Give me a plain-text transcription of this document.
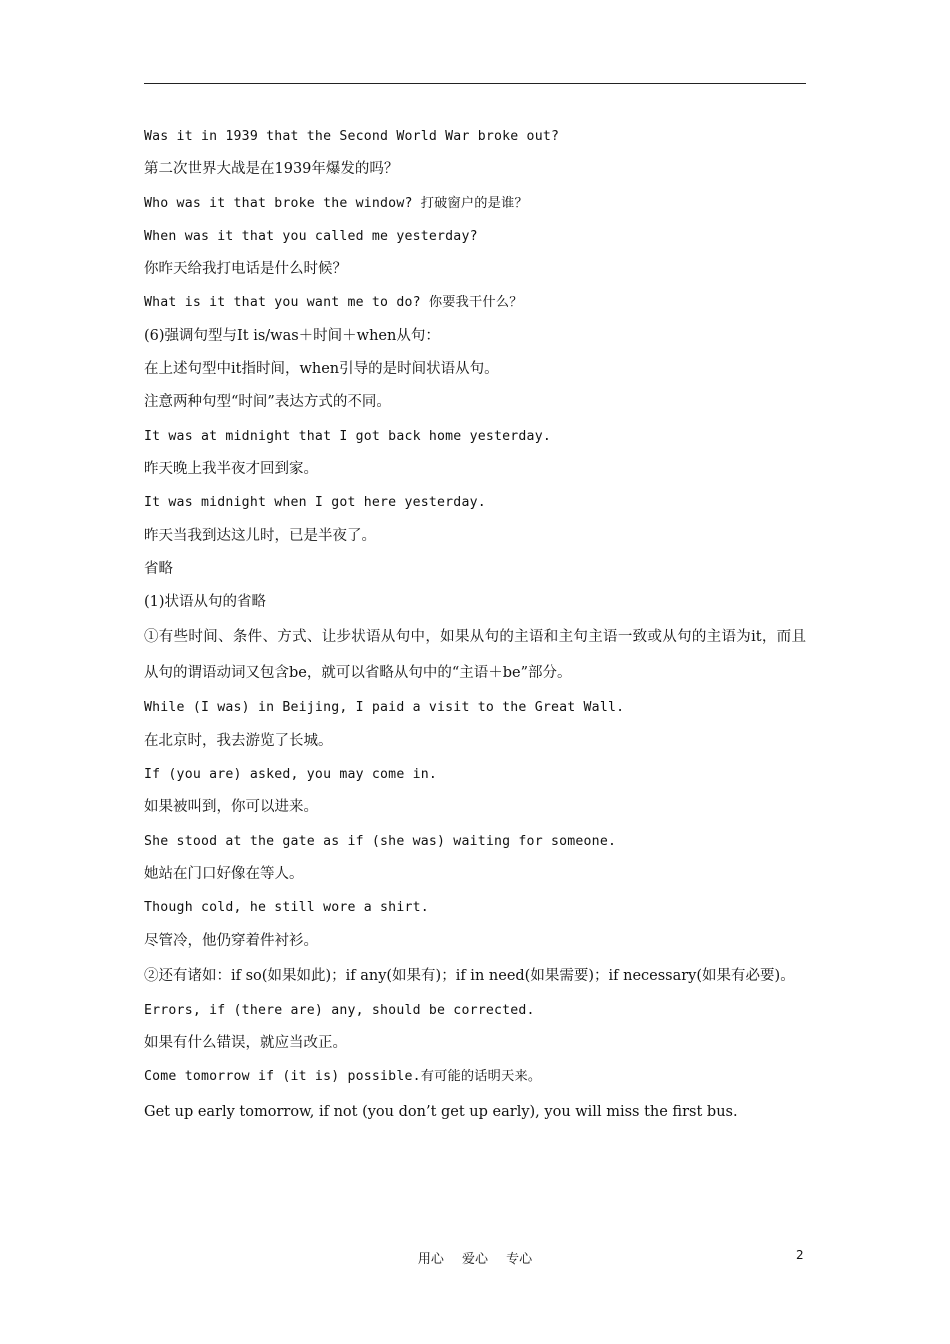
Was it in 1939 that the Second World War broke out?
第二次世界大战是在1939年爆发的吗？
Who was it that broke the window? 打破窗户的是谁？
When was it that you called me yesterday?
你昨天给我打电话是什么时候？
What is it that you want me to do? 你要我干什么？
(6)强调句型与It is/was＋时间＋when从句：
在上述句型中it指时间，when引导的是时间状语从句。
注意两种句型“时间”表达方式的不同。
It was at midnight that I got back home yesterday.
昨天晚上我半夜才回到家。
It was midnight when I got here yesterday.
昨天当我到达这儿时，已是半夜了。
省略
(1)状语从句的省略
①有些时间、条件、方式、让步状语从句中，如果从句的主语和主句主语一致或从句的主语为it，而且从句的谓语动词又包含be，就可以省略从句中的“主语＋be”部分。
While (I was) in Beijing, I paid a visit to the Great Wall.
在北京时，我去游览了长城。
If (you are) asked, you may come in.
如果被叫到，你可以进来。
She stood at the gate as if (she was) waiting for someone.
她站在门口好像在等人。
Though cold, he still wore a shirt.
尽管冷，他仍穿着件衬衫。
②还有诸如：if so(如果如此)；if any(如果有)；if in need(如果需要)；if necessary(如果有必要)。
Errors, if (there are) any, should be corrected.
如果有什么错误，就应当改正。
Come tomorrow if (it is) possible.有可能的话明天来。
Get up early tomorrow, if not (you don’t get up early), you will miss the first bus.
用心 爱心 专心	2
